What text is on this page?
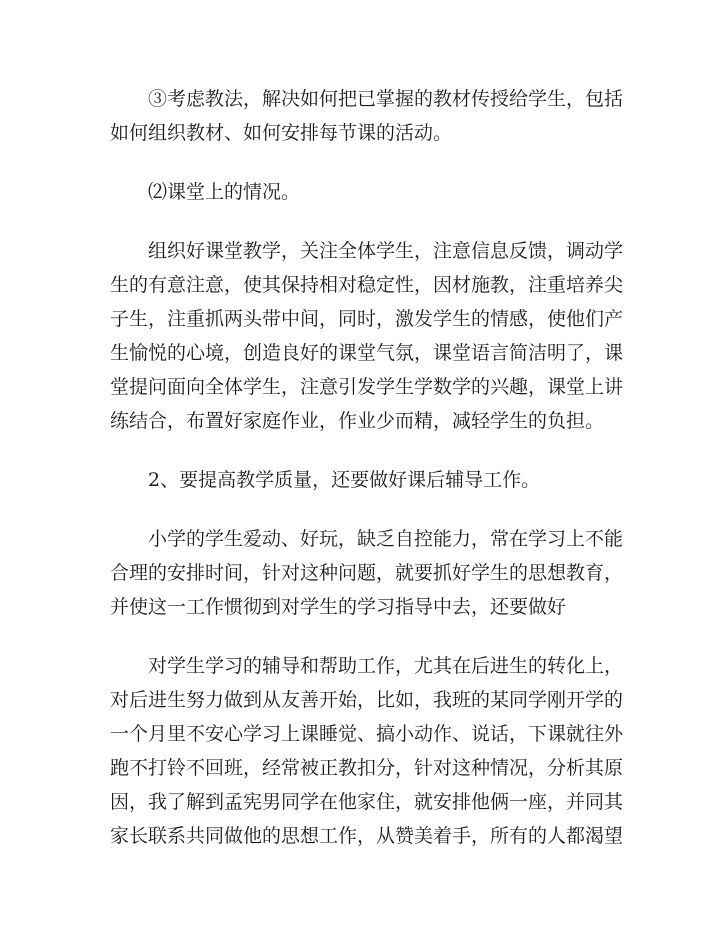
③考虑教法，解决如何把已掌握的教材传授给学生，包括
如何组织教材、如何安排每节课的活动。

⑵课堂上的情况。

组织好课堂教学，关注全体学生，注意信息反馈，调动学
生的有意注意，使其保持相对稳定性，因材施教，注重培养尖
子生，注重抓两头带中间，同时，激发学生的情感，使他们产
生愉悦的心境，创造良好的课堂气氛，课堂语言简洁明了，课
堂提问面向全体学生，注意引发学生学数学的兴趣，课堂上讲
练结合，布置好家庭作业，作业少而精，减轻学生的负担。

2、要提高教学质量，还要做好课后辅导工作。

小学的学生爱动、好玩，缺乏自控能力，常在学习上不能
合理的安排时间，针对这种问题，就要抓好学生的思想教育，
并使这一工作惯彻到对学生的学习指导中去，还要做好

对学生学习的辅导和帮助工作，尤其在后进生的转化上，
对后进生努力做到从友善开始，比如，我班的某同学刚开学的
一个月里不安心学习上课睡觉、搞小动作、说话，下课就往外
跑不打铃不回班，经常被正教扣分，针对这种情况，分析其原
因，我了解到孟宪男同学在他家住，就安排他俩一座，并同其
家长联系共同做他的思想工作，从赞美着手，所有的人都渴望
